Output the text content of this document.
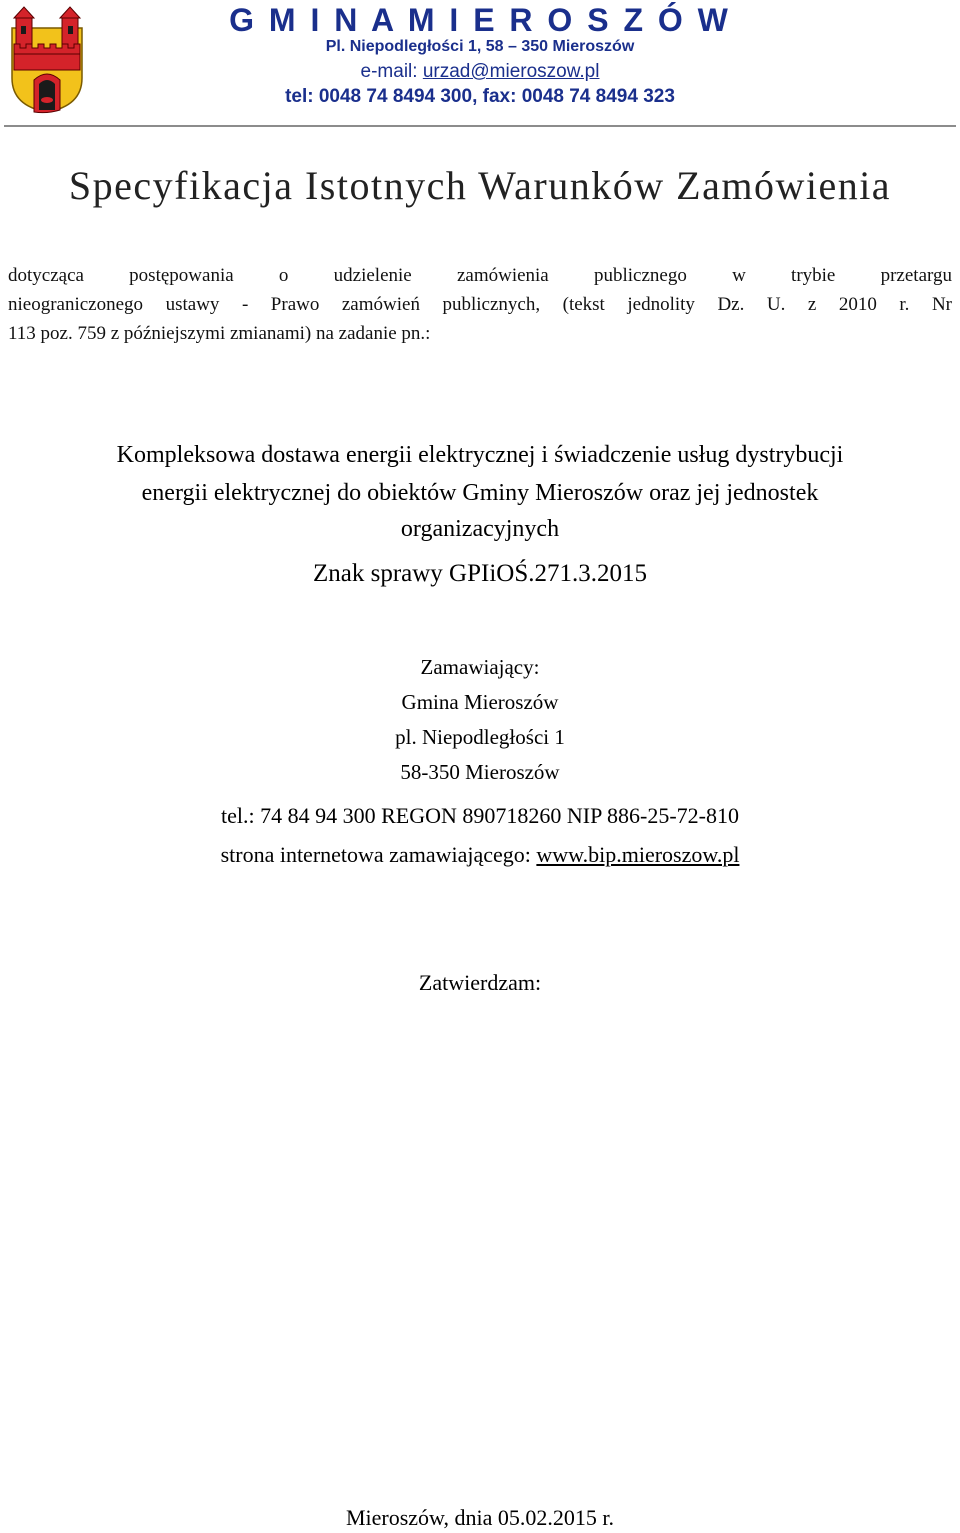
G M I N A M I E R O S Z Ó W
Pl. Niepodległości 1, 58 – 350 Mieroszów
e-mail: urzad@mieroszow.pl
tel: 0048 74 8494 300, fax: 0048 74 8494 323
Specyfikacja Istotnych Warunków Zamówienia
dotycząca postępowania o udzielenie zamówienia publicznego w trybie przetargu
nieograniczonego ustawy - Prawo zamówień publicznych, (tekst jednolity Dz. U. z 2010 r. Nr
113 poz. 759 z późniejszymi zmianami) na zadanie pn.:
Kompleksowa dostawa energii elektrycznej i świadczenie usług dystrybucji
energii elektrycznej do obiektów Gminy Mieroszów oraz jej jednostek
organizacyjnych
Znak sprawy GPIiOŚ.271.3.2015
Zamawiający:
Gmina Mieroszów
pl. Niepodległości 1
58-350 Mieroszów
tel.: 74 84 94 300 REGON 890718260 NIP 886-25-72-810
strona internetowa zamawiającego: www.bip.mieroszow.pl
Zatwierdzam:
Mieroszów, dnia 05.02.2015 r.
